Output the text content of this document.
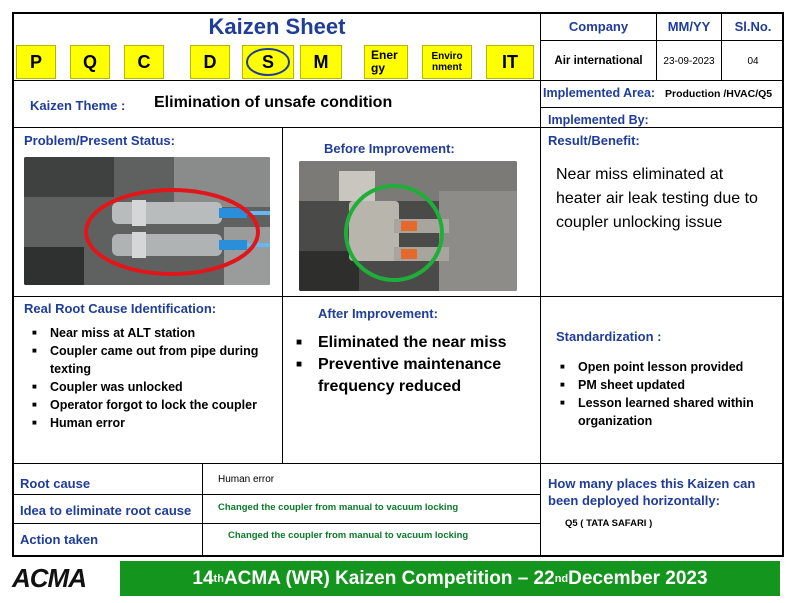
Kaizen Sheet	Company	MM/YY	Sl.No.
Air international	23-09-2023	04
P	Q	C	D	S	M	Ener gy
Enviro nment	IT
Kaizen Theme : Elimination of unsafe condition
Implemented Area: Production /HVAC/Q5
Implemented By:
Problem/Present Status:
Before Improvement:
Result/Benefit:
Near miss eliminated at heater air leak testing due to coupler unlocking issue
Real Root Cause Identification:
■ Near miss at ALT station
■ Coupler came out from pipe during texting
■ Coupler was unlocked
■ Operator forgot to lock the coupler
■ Human error
After Improvement:
■ Eliminated the near miss
■ Preventive maintenance frequency reduced
Standardization :
■ Open point lesson provided
■ PM sheet updated
■ Lesson learned shared within organization
Root cause	Human error
Idea to eliminate root cause	Changed the coupler from manual to vacuum locking
Action taken	Changed the coupler from manual to vacuum locking
How many places this Kaizen can been deployed horizontally:
Q5 ( TATA SAFARI )
ACMA	14 th ACMA (WR) Kaizen Competition – 22 nd December 2023
